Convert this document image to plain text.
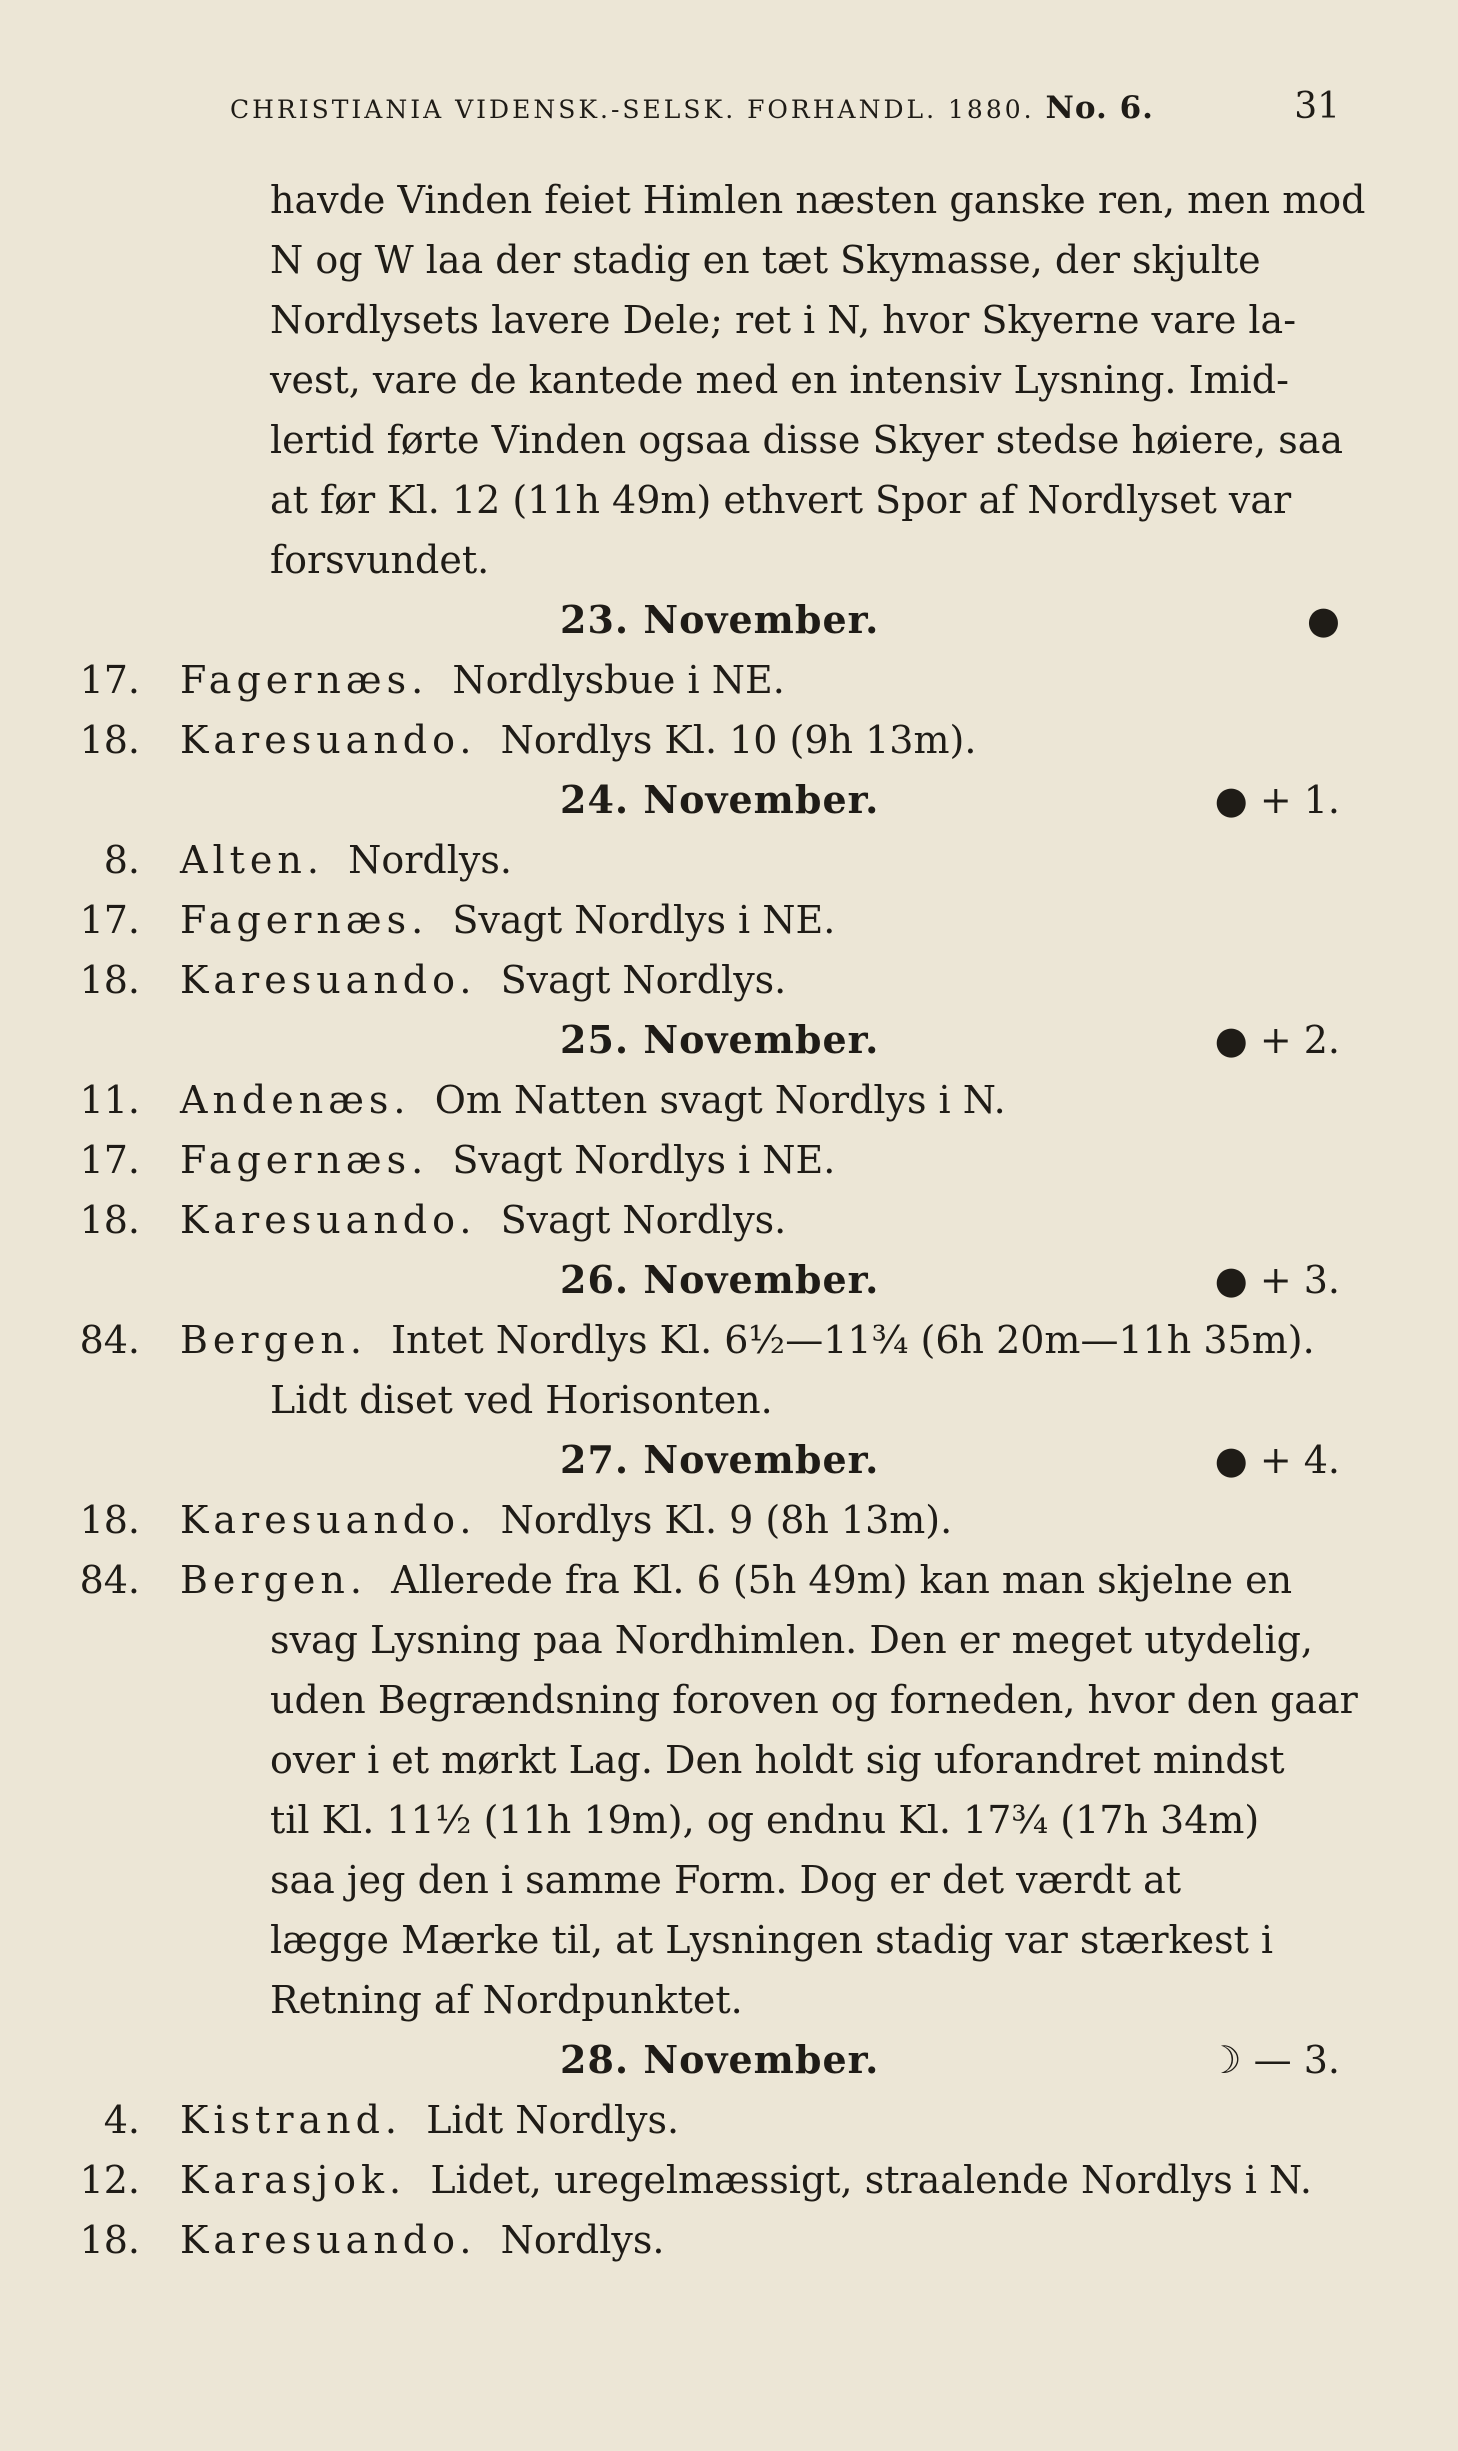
CHRISTIANIA VIDENSK.-SELSK. FORHANDL. 1880. No. 6.	31
havde Vinden feiet Himlen næsten ganske ren, men mod
N og W laa der stadig en tæt Skymasse, der skjulte
Nordlysets lavere Dele; ret i N, hvor Skyerne vare la-
vest, vare de kantede med en intensiv Lysning. Imid-
lertid førte Vinden ogsaa disse Skyer stedse høiere, saa
at før Kl. 12 (11h 49m) ethvert Spor af Nordlyset var
forsvundet.
23. November.	●
17. Fagernæs. Nordlysbue i NE.
18. Karesuando. Nordlys Kl. 10 (9h 13m).
24. November.	● + 1.
8. Alten. Nordlys.
17. Fagernæs. Svagt Nordlys i NE.
18. Karesuando. Svagt Nordlys.
25. November.	● + 2.
11. Andenæs. Om Natten svagt Nordlys i N.
17. Fagernæs. Svagt Nordlys i NE.
18. Karesuando. Svagt Nordlys.
26. November.	● + 3.
84. Bergen. Intet Nordlys Kl. 6½—11¾ (6h 20m—11h 35m).
Lidt diset ved Horisonten.
27. November.	● + 4.
18. Karesuando. Nordlys Kl. 9 (8h 13m).
84. Bergen. Allerede fra Kl. 6 (5h 49m) kan man skjelne en
svag Lysning paa Nordhimlen. Den er meget utydelig,
uden Begrændsning foroven og forneden, hvor den gaar
over i et mørkt Lag. Den holdt sig uforandret mindst
til Kl. 11½ (11h 19m), og endnu Kl. 17¾ (17h 34m)
saa jeg den i samme Form. Dog er det værdt at
lægge Mærke til, at Lysningen stadig var stærkest i
Retning af Nordpunktet.
28. November.	☽ — 3.
4. Kistrand. Lidt Nordlys.
12. Karasjok. Lidet, uregelmæssigt, straalende Nordlys i N.
18. Karesuando. Nordlys.
